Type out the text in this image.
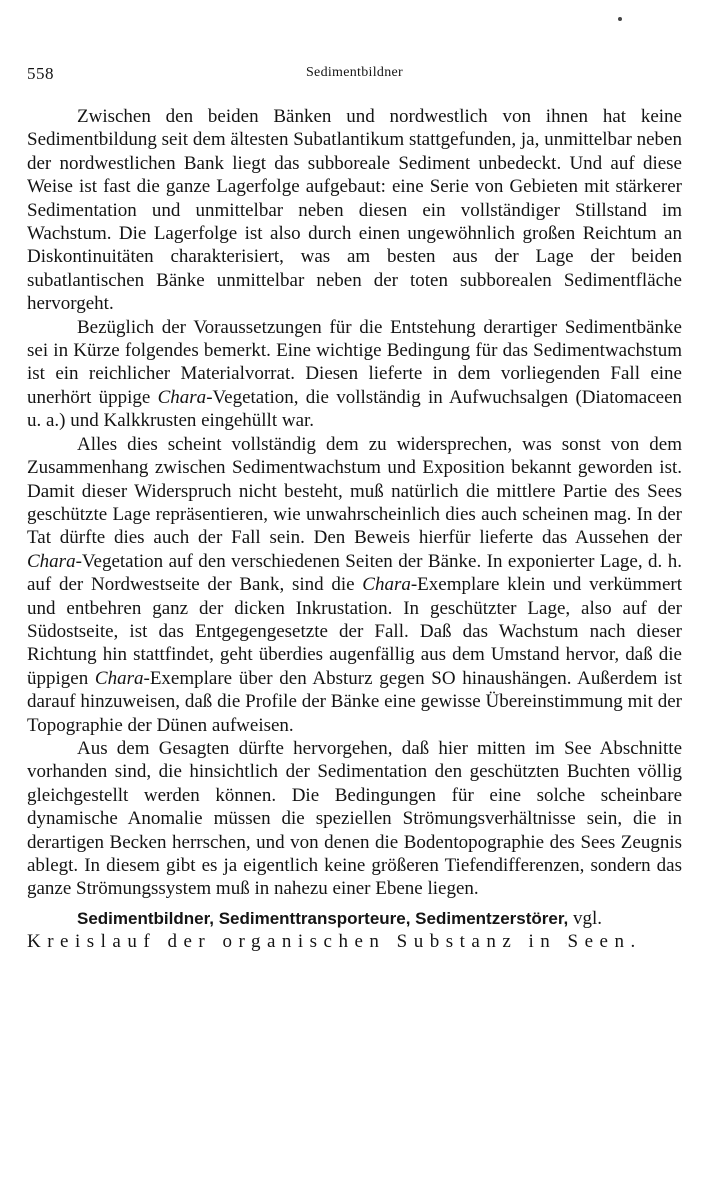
558	Sedimentbildner

Zwischen den beiden Bänken und nordwestlich von ihnen hat keine Sedimentbildung seit dem ältesten Subatlantikum stattgefunden, ja, unmittelbar neben der nordwestlichen Bank liegt das subboreale Sediment unbedeckt. Und auf diese Weise ist fast die ganze Lagerfolge aufgebaut: eine Serie von Gebieten mit stärkerer Sedimentation und unmittelbar neben diesen ein vollständiger Stillstand im Wachstum. Die Lagerfolge ist also durch einen ungewöhnlich großen Reichtum an Diskontinuitäten charakterisiert, was am besten aus der Lage der beiden subatlantischen Bänke unmittelbar neben der toten subborealen Sedimentfläche hervorgeht.

Bezüglich der Voraussetzungen für die Entstehung derartiger Sedimentbänke sei in Kürze folgendes bemerkt. Eine wichtige Bedingung für das Sedimentwachstum ist ein reichlicher Materialvorrat. Diesen lieferte in dem vorliegenden Fall eine unerhört üppige Chara-Vegetation, die vollständig in Aufwuchsalgen (Diatomaceen u. a.) und Kalkkrusten eingehüllt war.

Alles dies scheint vollständig dem zu widersprechen, was sonst von dem Zusammenhang zwischen Sedimentwachstum und Exposition bekannt geworden ist. Damit dieser Widerspruch nicht besteht, muß natürlich die mittlere Partie des Sees geschützte Lage repräsentieren, wie unwahrscheinlich dies auch scheinen mag. In der Tat dürfte dies auch der Fall sein. Den Beweis hierfür lieferte das Aussehen der Chara-Vegetation auf den verschiedenen Seiten der Bänke. In exponierter Lage, d. h. auf der Nordwestseite der Bank, sind die Chara-Exemplare klein und verkümmert und entbehren ganz der dicken Inkrustation. In geschützter Lage, also auf der Südostseite, ist das Entgegengesetzte der Fall. Daß das Wachstum nach dieser Richtung hin stattfindet, geht überdies augenfällig aus dem Umstand hervor, daß die üppigen Chara-Exemplare über den Absturz gegen SO hinaushängen. Außerdem ist darauf hinzuweisen, daß die Profile der Bänke eine gewisse Übereinstimmung mit der Topographie der Dünen aufweisen.

Aus dem Gesagten dürfte hervorgehen, daß hier mitten im See Abschnitte vorhanden sind, die hinsichtlich der Sedimentation den geschützten Buchten völlig gleichgestellt werden können. Die Bedingungen für eine solche scheinbare dynamische Anomalie müssen die speziellen Strömungsverhältnisse sein, die in derartigen Becken herrschen, und von denen die Bodentopographie des Sees Zeugnis ablegt. In diesem gibt es ja eigentlich keine größeren Tiefendifferenzen, sondern das ganze Strömungssystem muß in nahezu einer Ebene liegen.

Sedimentbildner, Sedimenttransporteure, Sedimentzerstörer, vgl.
Kreislauf der organischen Substanz in Seen.
